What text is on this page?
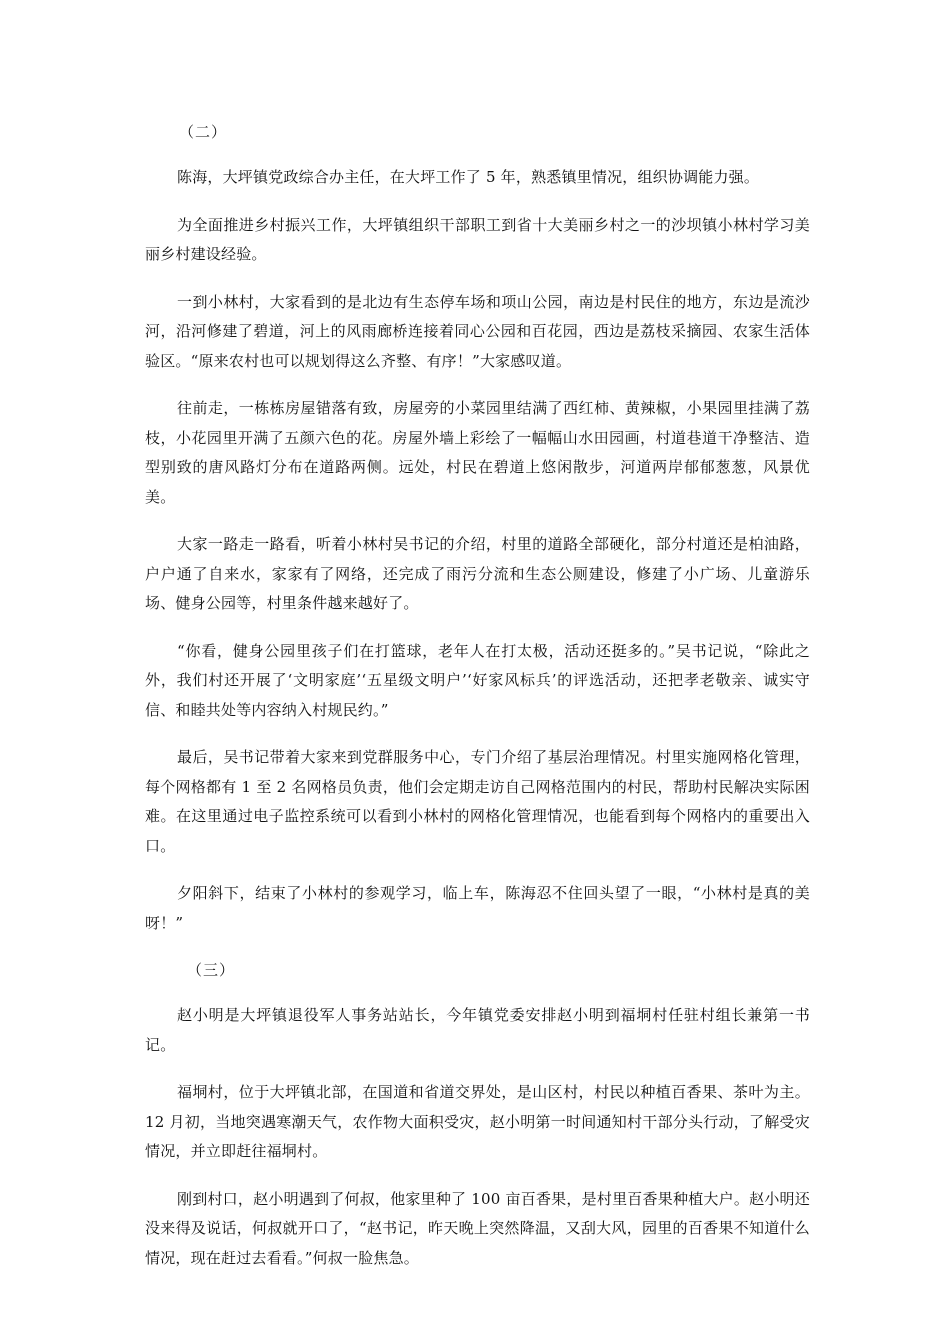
（二）

陈海，大坪镇党政综合办主任，在大坪工作了 5 年，熟悉镇里情况，组织协调能力强。

为全面推进乡村振兴工作，大坪镇组织干部职工到省十大美丽乡村之一的沙坝镇小林村学习美丽乡村建设经验。

一到小林村，大家看到的是北边有生态停车场和项山公园，南边是村民住的地方，东边是流沙河，沿河修建了碧道，河上的风雨廊桥连接着同心公园和百花园，西边是荔枝采摘园、农家生活体验区。“原来农村也可以规划得这么齐整、有序！”大家感叹道。

往前走，一栋栋房屋错落有致，房屋旁的小菜园里结满了西红柿、黄辣椒，小果园里挂满了荔枝，小花园里开满了五颜六色的花。房屋外墙上彩绘了一幅幅山水田园画，村道巷道干净整洁、造型别致的唐风路灯分布在道路两侧。远处，村民在碧道上悠闲散步，河道两岸郁郁葱葱，风景优美。

大家一路走一路看，听着小林村吴书记的介绍，村里的道路全部硬化，部分村道还是柏油路，户户通了自来水，家家有了网络，还完成了雨污分流和生态公厕建设，修建了小广场、儿童游乐场、健身公园等，村里条件越来越好了。

“你看，健身公园里孩子们在打篮球，老年人在打太极，活动还挺多的。”吴书记说，“除此之外，我们村还开展了‘文明家庭’‘五星级文明户’‘好家风标兵’的评选活动，还把孝老敬亲、诚实守信、和睦共处等内容纳入村规民约。”

最后，吴书记带着大家来到党群服务中心，专门介绍了基层治理情况。村里实施网格化管理，每个网格都有 1 至 2 名网格员负责，他们会定期走访自己网格范围内的村民，帮助村民解决实际困难。在这里通过电子监控系统可以看到小林村的网格化管理情况，也能看到每个网格内的重要出入口。

夕阳斜下，结束了小林村的参观学习，临上车，陈海忍不住回头望了一眼，“小林村是真的美呀！”

（三）

赵小明是大坪镇退役军人事务站站长，今年镇党委安排赵小明到福垌村任驻村组长兼第一书记。

福垌村，位于大坪镇北部，在国道和省道交界处，是山区村，村民以种植百香果、茶叶为主。12 月初，当地突遇寒潮天气，农作物大面积受灾，赵小明第一时间通知村干部分头行动，了解受灾情况，并立即赶往福垌村。

刚到村口，赵小明遇到了何叔，他家里种了 100 亩百香果，是村里百香果种植大户。赵小明还没来得及说话，何叔就开口了，“赵书记，昨天晚上突然降温，又刮大风，园里的百香果不知道什么情况，现在赶过去看看。”何叔一脸焦急。
